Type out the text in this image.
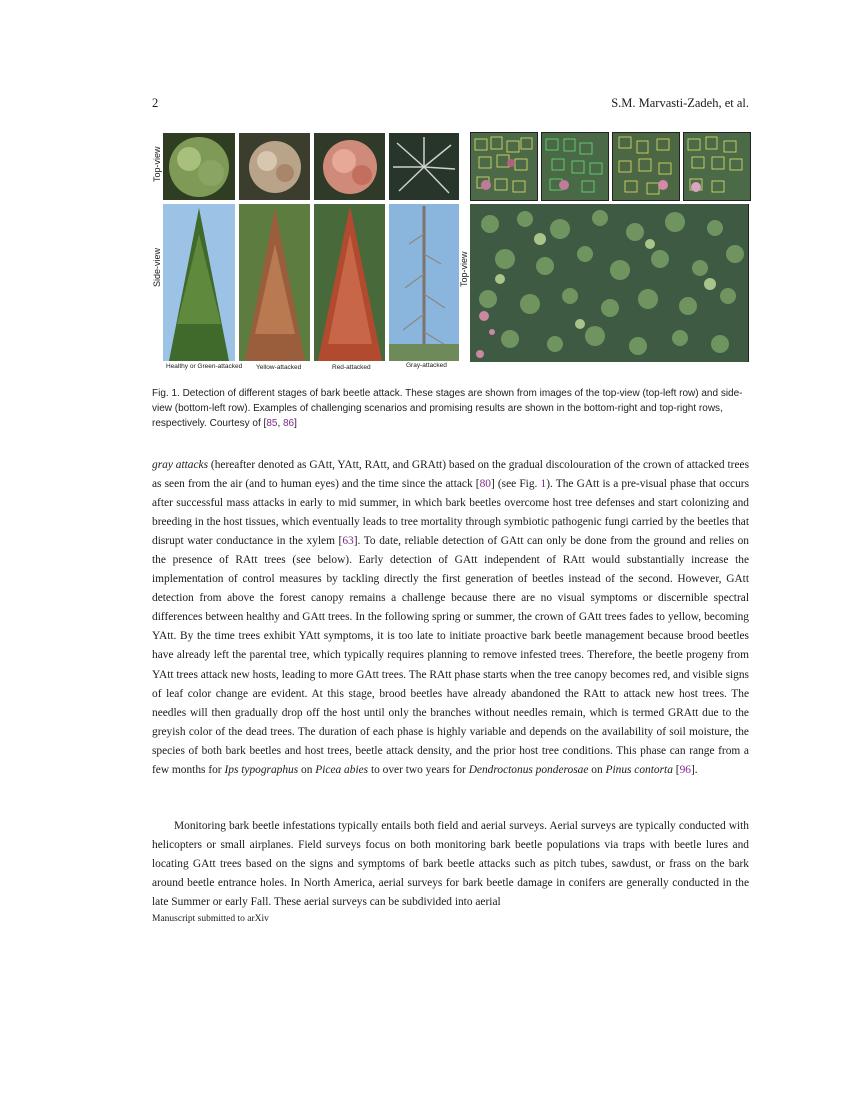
2	S.M. Marvasti-Zadeh, et al.
Top-view
Side-view	Top-view
Healthy or Green-attacked Yellow-attacked	Red-attacked	Gray-attacked
Fig. 1. Detection of different stages of bark beetle attack. These stages are shown from images of the top-view (top-left row) and side-view (bottom-left row). Examples of challenging scenarios and promising results are shown in the bottom-right and top-right rows, respectively. Courtesy of [85, 86]
gray attacks (hereafter denoted as GAtt, YAtt, RAtt, and GRAtt) based on the gradual discolouration of the crown of attacked trees as seen from the air (and to human eyes) and the time since the attack [80] (see Fig. 1). The GAtt is a pre-visual phase that occurs after successful mass attacks in early to mid summer, in which bark beetles overcome host tree defenses and start colonizing and breeding in the host tissues, which eventually leads to tree mortality through symbiotic pathogenic fungi carried by the beetles that disrupt water conductance in the xylem [63]. To date, reliable detection of GAtt can only be done from the ground and relies on the presence of RAtt trees (see below). Early detection of GAtt independent of RAtt would substantially increase the implementation of control measures by tackling directly the first generation of beetles instead of the second. However, GAtt detection from above the forest canopy remains a challenge because there are no visual symptoms or discernible spectral differences between healthy and GAtt trees. In the following spring or summer, the crown of GAtt trees fades to yellow, becoming YAtt. By the time trees exhibit YAtt symptoms, it is too late to initiate proactive bark beetle management because brood beetles have already left the parental tree, which typically requires planning to remove infested trees. Therefore, the beetle progeny from YAtt trees attack new hosts, leading to more GAtt trees. The RAtt phase starts when the tree canopy becomes red, and visible signs of leaf color change are evident. At this stage, brood beetles have already abandoned the RAtt to attack new host trees. The needles will then gradually drop off the host until only the branches without needles remain, which is termed GRAtt due to the greyish color of the dead trees. The duration of each phase is highly variable and depends on the availability of soil moisture, the species of both bark beetles and host trees, beetle attack density, and the prior host tree conditions. This phase can range from a few months for Ips typographus on Picea abies to over two years for Dendroctonus ponderosae on Pinus contorta [96].
Monitoring bark beetle infestations typically entails both field and aerial surveys. Aerial surveys are typically conducted with helicopters or small airplanes. Field surveys focus on both monitoring bark beetle populations via traps with beetle lures and locating GAtt trees based on the signs and symptoms of bark beetle attacks such as pitch tubes, sawdust, or frass on the bark around beetle entrance holes. In North America, aerial surveys for bark beetle damage in conifers are generally conducted in the late Summer or early Fall. These aerial surveys can be subdivided into aerial
Manuscript submitted to arXiv
